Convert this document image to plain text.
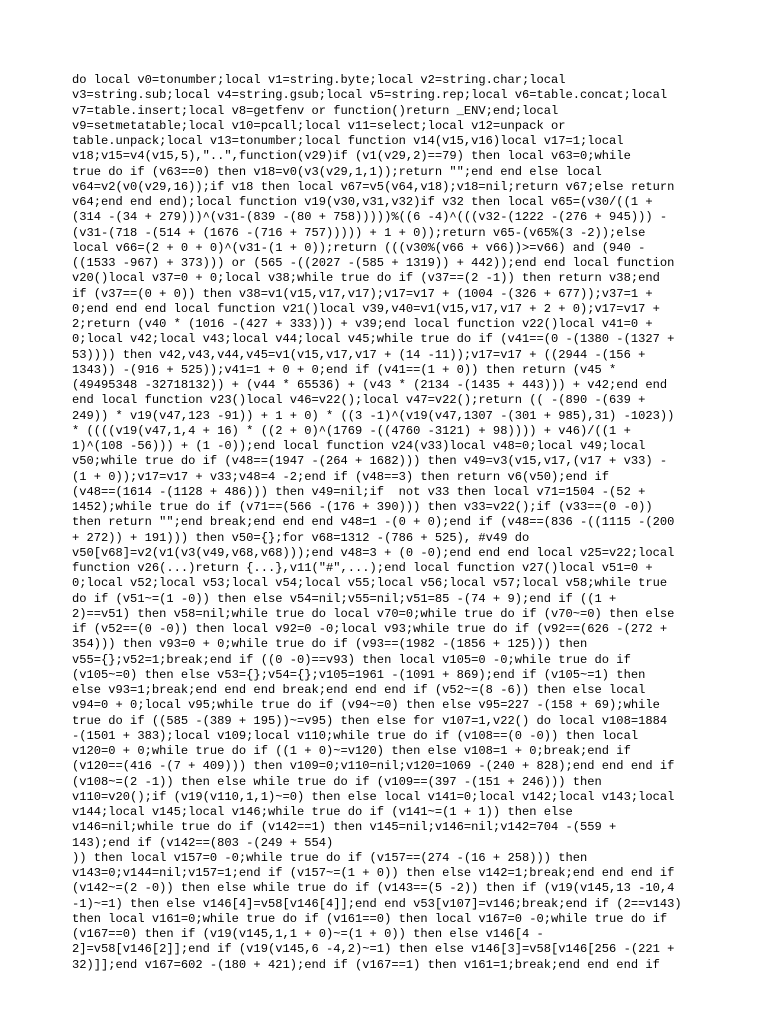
do local v0=tonumber;local v1=string.byte;local v2=string.char;local
v3=string.sub;local v4=string.gsub;local v5=string.rep;local v6=table.concat;local
v7=table.insert;local v8=getfenv or function()return _ENV;end;local
v9=setmetatable;local v10=pcall;local v11=select;local v12=unpack or
table.unpack;local v13=tonumber;local function v14(v15,v16)local v17=1;local
v18;v15=v4(v15,5),"..",function(v29)if (v1(v29,2)==79) then local v63=0;while
true do if (v63==0) then v18=v0(v3(v29,1,1));return "";end end else local
v64=v2(v0(v29,16));if v18 then local v67=v5(v64,v18);v18=nil;return v67;else return
v64;end end end);local function v19(v30,v31,v32)if v32 then local v65=(v30/((1 +
(314 -(34 + 279)))^(v31-(839 -(80 + 758)))))%((6 -4)^(((v32-(1222 -(276 + 945))) -
(v31-(718 -(514 + (1676 -(716 + 757))))) + 1 + 0));return v65-(v65%(3 -2));else
local v66=(2 + 0 + 0)^(v31-(1 + 0));return (((v30%(v66 + v66))>=v66) and (940 -
((1533 -967) + 373))) or (565 -((2027 -(585 + 1319)) + 442));end end local function
v20()local v37=0 + 0;local v38;while true do if (v37==(2 -1)) then return v38;end
if (v37==(0 + 0)) then v38=v1(v15,v17,v17);v17=v17 + (1004 -(326 + 677));v37=1 +
0;end end end local function v21()local v39,v40=v1(v15,v17,v17 + 2 + 0);v17=v17 +
2;return (v40 * (1016 -(427 + 333))) + v39;end local function v22()local v41=0 +
0;local v42;local v43;local v44;local v45;while true do if (v41==(0 -(1380 -(1327 +
53)))) then v42,v43,v44,v45=v1(v15,v17,v17 + (14 -11));v17=v17 + ((2944 -(156 +
1343)) -(916 + 525));v41=1 + 0 + 0;end if (v41==(1 + 0)) then return (v45 *
(49495348 -32718132)) + (v44 * 65536) + (v43 * (2134 -(1435 + 443))) + v42;end end
end local function v23()local v46=v22();local v47=v22();return (( -(890 -(639 +
249)) * v19(v47,123 -91)) + 1 + 0) * ((3 -1)^(v19(v47,1307 -(301 + 985),31) -1023))
* ((((v19(v47,1,4 + 16) * ((2 + 0)^(1769 -((4760 -3121) + 98)))) + v46)/((1 +
1)^(108 -56))) + (1 -0));end local function v24(v33)local v48=0;local v49;local
v50;while true do if (v48==(1947 -(264 + 1682))) then v49=v3(v15,v17,(v17 + v33) -
(1 + 0));v17=v17 + v33;v48=4 -2;end if (v48==3) then return v6(v50);end if
(v48==(1614 -(1128 + 486))) then v49=nil;if  not v33 then local v71=1504 -(52 +
1452);while true do if (v71==(566 -(176 + 390))) then v33=v22();if (v33==(0 -0))
then return "";end break;end end end v48=1 -(0 + 0);end if (v48==(836 -((1115 -(200
+ 272)) + 191))) then v50={};for v68=1312 -(786 + 525), #v49 do
v50[v68]=v2(v1(v3(v49,v68,v68)));end v48=3 + (0 -0);end end end local v25=v22;local
function v26(...)return {...},v11("#",...);end local function v27()local v51=0 +
0;local v52;local v53;local v54;local v55;local v56;local v57;local v58;while true
do if (v51~=(1 -0)) then else v54=nil;v55=nil;v51=85 -(74 + 9);end if ((1 +
2)==v51) then v58=nil;while true do local v70=0;while true do if (v70~=0) then else
if (v52==(0 -0)) then local v92=0 -0;local v93;while true do if (v92==(626 -(272 +
354))) then v93=0 + 0;while true do if (v93==(1982 -(1856 + 125))) then
v55={};v52=1;break;end if ((0 -0)==v93) then local v105=0 -0;while true do if
(v105~=0) then else v53={};v54={};v105=1961 -(1091 + 869);end if (v105~=1) then
else v93=1;break;end end end break;end end end if (v52~=(8 -6)) then else local
v94=0 + 0;local v95;while true do if (v94~=0) then else v95=227 -(158 + 69);while
true do if ((585 -(389 + 195))~=v95) then else for v107=1,v22() do local v108=1884
-(1501 + 383);local v109;local v110;while true do if (v108==(0 -0)) then local
v120=0 + 0;while true do if ((1 + 0)~=v120) then else v108=1 + 0;break;end if
(v120==(416 -(7 + 409))) then v109=0;v110=nil;v120=1069 -(240 + 828);end end end if
(v108~=(2 -1)) then else while true do if (v109==(397 -(151 + 246))) then
v110=v20();if (v19(v110,1,1)~=0) then else local v141=0;local v142;local v143;local
v144;local v145;local v146;while true do if (v141~=(1 + 1)) then else
v146=nil;while true do if (v142==1) then v145=nil;v146=nil;v142=704 -(559 +
143);end if (v142==(803 -(249 + 554)
)) then local v157=0 -0;while true do if (v157==(274 -(16 + 258))) then
v143=0;v144=nil;v157=1;end if (v157~=(1 + 0)) then else v142=1;break;end end end if
(v142~=(2 -0)) then else while true do if (v143==(5 -2)) then if (v19(v145,13 -10,4
-1)~=1) then else v146[4]=v58[v146[4]];end end v53[v107]=v146;break;end if (2==v143)
then local v161=0;while true do if (v161==0) then local v167=0 -0;while true do if
(v167==0) then if (v19(v145,1,1 + 0)~=(1 + 0)) then else v146[4 -
2]=v58[v146[2]];end if (v19(v145,6 -4,2)~=1) then else v146[3]=v58[v146[256 -(221 +
32)]];end v167=602 -(180 + 421);end if (v167==1) then v161=1;break;end end end if
